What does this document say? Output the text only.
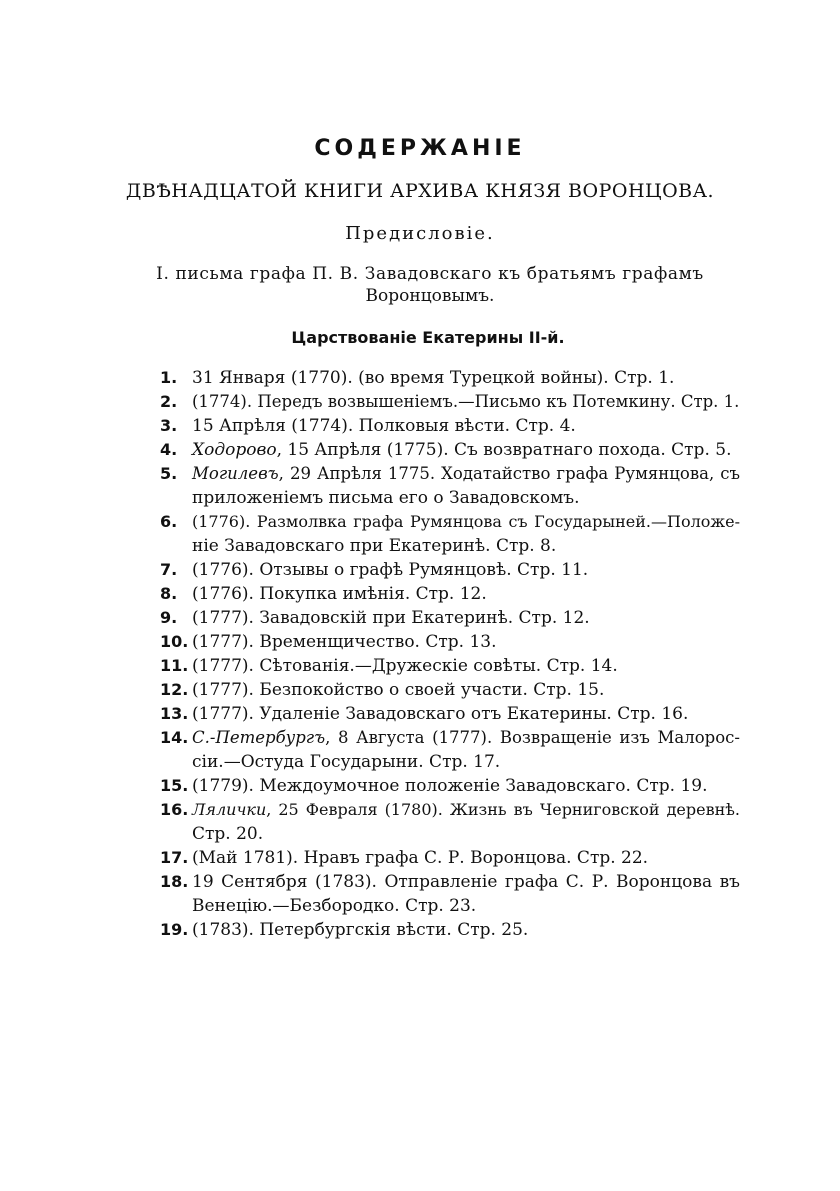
СОДЕРЖАНІЕ
ДВѢНАДЦАТОЙ КНИГИ АРХИВА КНЯЗЯ ВОРОНЦОВА.
Предисловіе.
I. письма графа П. В. Завадовскаго къ братьямъ графамъ
Воронцовымъ.
Царствованіе Екатерины II-й.
1. 31 Января (1770). (во время Турецкой войны). Стр. 1.
2. (1774). Передъ возвышеніемъ.—Письмо къ Потемкину. Стр. 1.
3. 15 Апрѣля (1774). Полковыя вѣсти. Стр. 4.
4. Ходорово, 15 Апрѣля (1775). Съ возвратнаго похода. Стр. 5.
5. Могилевъ, 29 Апрѣля 1775. Ходатайство графа Румянцова, съ
приложеніемъ письма его о Завадовскомъ.
6. (1776). Размолвка графа Румянцова съ Государыней.—Положе-
ніе Завадовскаго при Екатеринѣ. Стр. 8.
7. (1776). Отзывы о графѣ Румянцовѣ. Стр. 11.
8. (1776). Покупка имѣнія. Стр. 12.
9. (1777). Завадовскій при Екатеринѣ. Стр. 12.
10. (1777). Временщичество. Стр. 13.
11. (1777). Сѣтованія.—Дружескіе совѣты. Стр. 14.
12. (1777). Безпокойство о своей участи. Стр. 15.
13. (1777). Удаленіе Завадовскаго отъ Екатерины. Стр. 16.
14. С.-Петербургъ, 8 Августа (1777). Возвращеніе изъ Малорос-
сіи.—Остуда Государыни. Стр. 17.
15. (1779). Междоумочное положеніе Завадовскаго. Стр. 19.
16. Лялички, 25 Февраля (1780). Жизнь въ Черниговской деревнѣ.
Стр. 20.
17. (Май 1781). Нравъ графа С. Р. Воронцова. Стр. 22.
18. 19 Сентября (1783). Отправленіе графа С. Р. Воронцова въ
Венецію.—Безбородко. Стр. 23.
19. (1783). Петербургскія вѣсти. Стр. 25.
